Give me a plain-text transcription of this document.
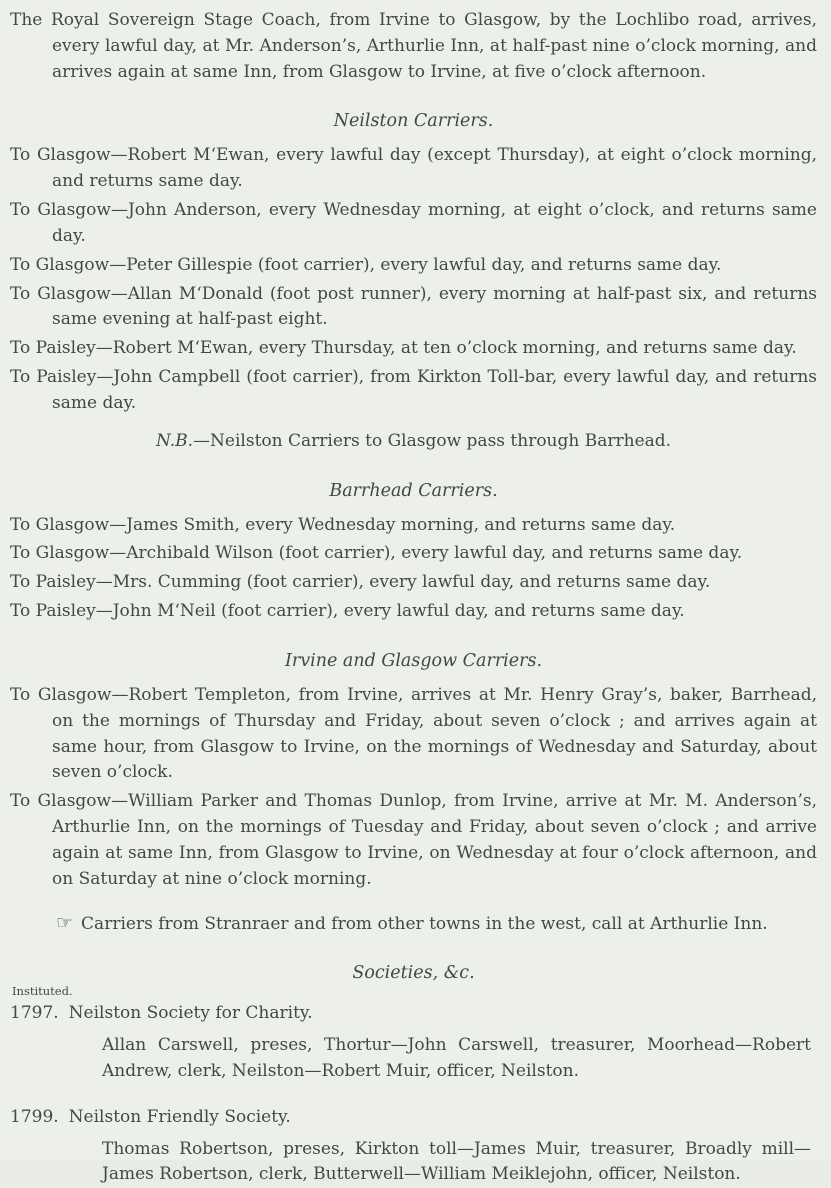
The Royal Sovereign Stage Coach, from Irvine to Glasgow, by the Lochlibo road, arrives, every lawful day, at Mr. Anderson’s, Arthurlie Inn, at half-past nine o’clock morning, and arrives again at same Inn, from Glasgow to Irvine, at five o’clock afternoon.

Neilston Carriers.

To Glasgow—Robert M‘Ewan, every lawful day (except Thursday), at eight o’clock morning, and returns same day.

To Glasgow—John Anderson, every Wednesday morning, at eight o’clock, and returns same day.

To Glasgow—Peter Gillespie (foot carrier), every lawful day, and returns same day.

To Glasgow—Allan M‘Donald (foot post runner), every morning at half-past six, and returns same evening at half-past eight.

To Paisley—Robert M‘Ewan, every Thursday, at ten o’clock morning, and returns same day.

To Paisley—John Campbell (foot carrier), from Kirkton Toll-bar, every lawful day, and returns same day.

N.B.—Neilston Carriers to Glasgow pass through Barrhead.

Barrhead Carriers.

To Glasgow—James Smith, every Wednesday morning, and returns same day.

To Glasgow—Archibald Wilson (foot carrier), every lawful day, and returns same day.

To Paisley—Mrs. Cumming (foot carrier), every lawful day, and returns same day.

To Paisley—John M‘Neil (foot carrier), every lawful day, and returns same day.

Irvine and Glasgow Carriers.

To Glasgow—Robert Templeton, from Irvine, arrives at Mr. Henry Gray’s, baker, Barrhead, on the mornings of Thursday and Friday, about seven o’clock ; and arrives again at same hour, from Glasgow to Irvine, on the mornings of Wednesday and Saturday, about seven o’clock.

To Glasgow—William Parker and Thomas Dunlop, from Irvine, arrive at Mr. M. Anderson’s, Arthurlie Inn, on the mornings of Tuesday and Friday, about seven o’clock ; and arrive again at same Inn, from Glasgow to Irvine, on Wednesday at four o’clock afternoon, and on Saturday at nine o’clock morning.

☞ Carriers from Stranraer and from other towns in the west, call at Arthurlie Inn.

Societies, &c.

Instituted.

1797. Neilston Society for Charity.

Allan Carswell, preses, Thortur—John Carswell, treasurer, Moorhead—Robert Andrew, clerk, Neilston—Robert Muir, officer, Neilston.

1799. Neilston Friendly Society.

Thomas Robertson, preses, Kirkton toll—James Muir, treasurer, Broadly mill—James Robertson, clerk, Butterwell—William Meiklejohn, officer, Neilston.
